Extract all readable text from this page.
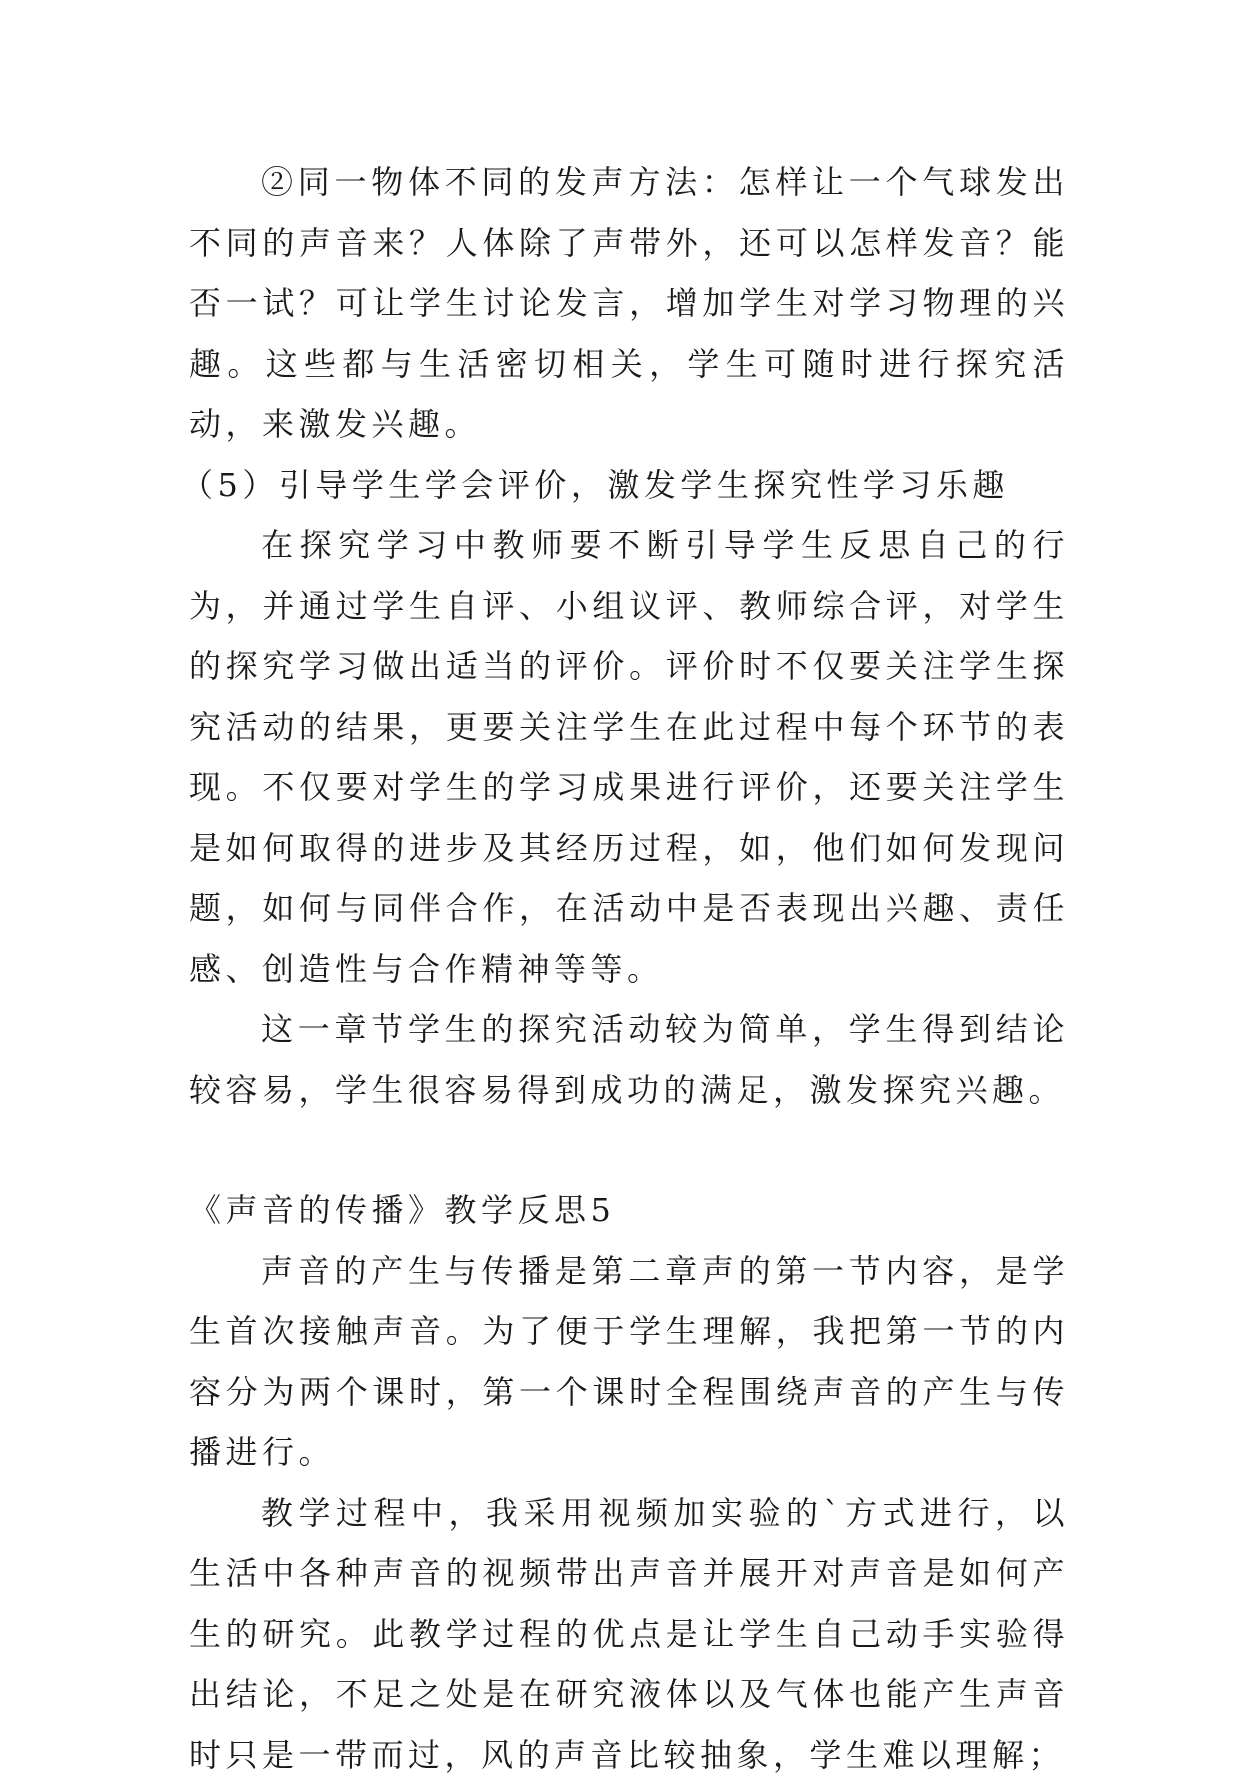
②同一物体不同的发声方法：怎样让一个气球发出不同的声音来？人体除了声带外，还可以怎样发音？能否一试？可让学生讨论发言，增加学生对学习物理的兴趣。这些都与生活密切相关，学生可随时进行探究活动，来激发兴趣。

（5）引导学生学会评价，激发学生探究性学习乐趣

在探究学习中教师要不断引导学生反思自己的行为，并通过学生自评、小组议评、教师综合评，对学生的探究学习做出适当的评价。评价时不仅要关注学生探究活动的结果，更要关注学生在此过程中每个环节的表现。不仅要对学生的学习成果进行评价，还要关注学生是如何取得的进步及其经历过程，如，他们如何发现问题，如何与同伴合作，在活动中是否表现出兴趣、责任感、创造性与合作精神等等。

这一章节学生的探究活动较为简单，学生得到结论较容易，学生很容易得到成功的满足，激发探究兴趣。

《声音的传播》教学反思5

声音的产生与传播是第二章声的第一节内容，是学生首次接触声音。为了便于学生理解，我把第一节的内容分为两个课时，第一个课时全程围绕声音的产生与传播进行。

教学过程中，我采用视频加实验的`方式进行，以生活中各种声音的视频带出声音并展开对声音是如何产生的研究。此教学过程的优点是让学生自己动手实验得出结论，不足之处是在研究液体以及气体也能产生声音时只是一带而过，风的声音比较抽象，学生难以理解；
